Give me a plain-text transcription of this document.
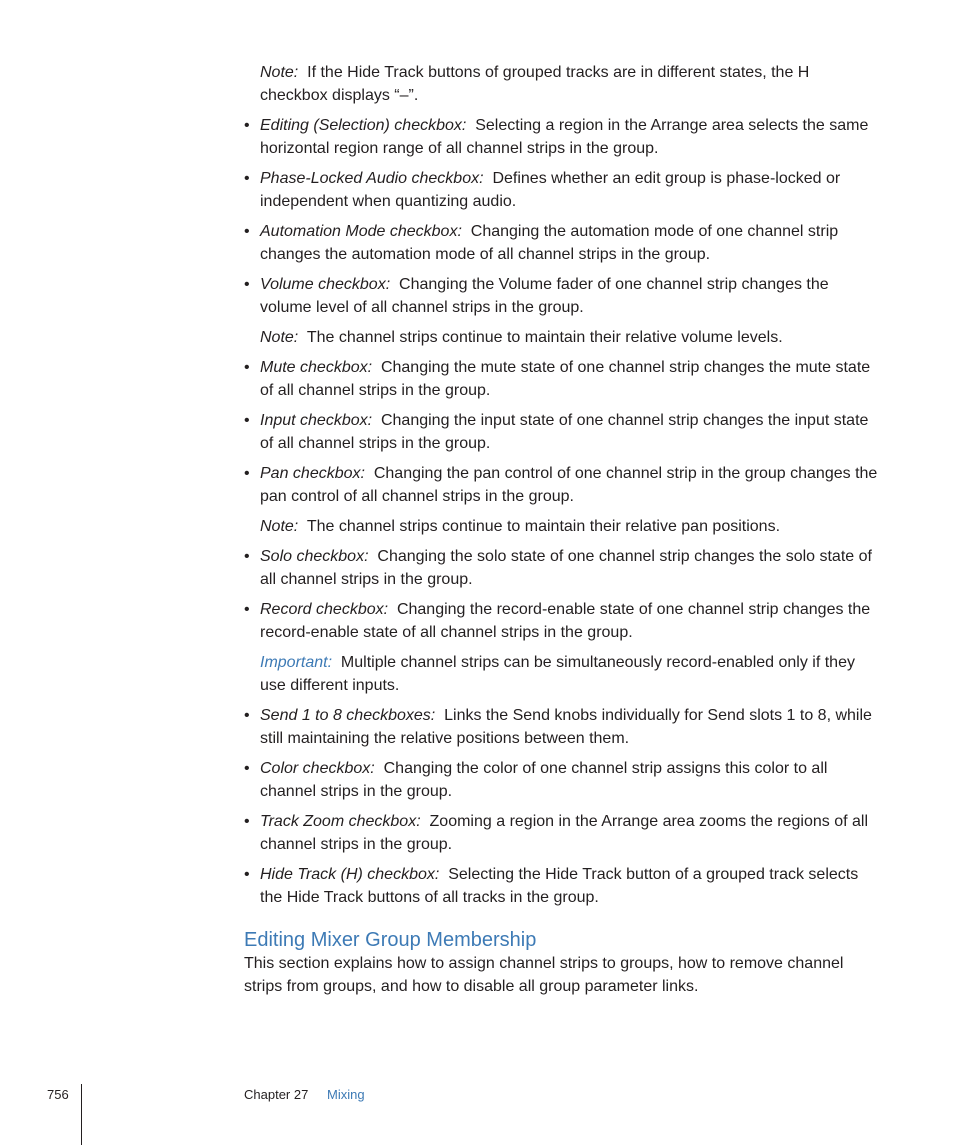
Note: If the Hide Track buttons of grouped tracks are in different states, the H checkbox displays “–”.

• Editing (Selection) checkbox: Selecting a region in the Arrange area selects the same horizontal region range of all channel strips in the group.

• Phase-Locked Audio checkbox: Defines whether an edit group is phase-locked or independent when quantizing audio.

• Automation Mode checkbox: Changing the automation mode of one channel strip changes the automation mode of all channel strips in the group.

• Volume checkbox: Changing the Volume fader of one channel strip changes the volume level of all channel strips in the group.

Note: The channel strips continue to maintain their relative volume levels.

• Mute checkbox: Changing the mute state of one channel strip changes the mute state of all channel strips in the group.

• Input checkbox: Changing the input state of one channel strip changes the input state of all channel strips in the group.

• Pan checkbox: Changing the pan control of one channel strip in the group changes the pan control of all channel strips in the group.

Note: The channel strips continue to maintain their relative pan positions.

• Solo checkbox: Changing the solo state of one channel strip changes the solo state of all channel strips in the group.

• Record checkbox: Changing the record-enable state of one channel strip changes the record-enable state of all channel strips in the group.

Important: Multiple channel strips can be simultaneously record-enabled only if they use different inputs.

• Send 1 to 8 checkboxes: Links the Send knobs individually for Send slots 1 to 8, while still maintaining the relative positions between them.

• Color checkbox: Changing the color of one channel strip assigns this color to all channel strips in the group.

• Track Zoom checkbox: Zooming a region in the Arrange area zooms the regions of all channel strips in the group.

• Hide Track (H) checkbox: Selecting the Hide Track button of a grouped track selects the Hide Track buttons of all tracks in the group.

Editing Mixer Group Membership

This section explains how to assign channel strips to groups, how to remove channel strips from groups, and how to disable all group parameter links.

756	Chapter 27 Mixing
